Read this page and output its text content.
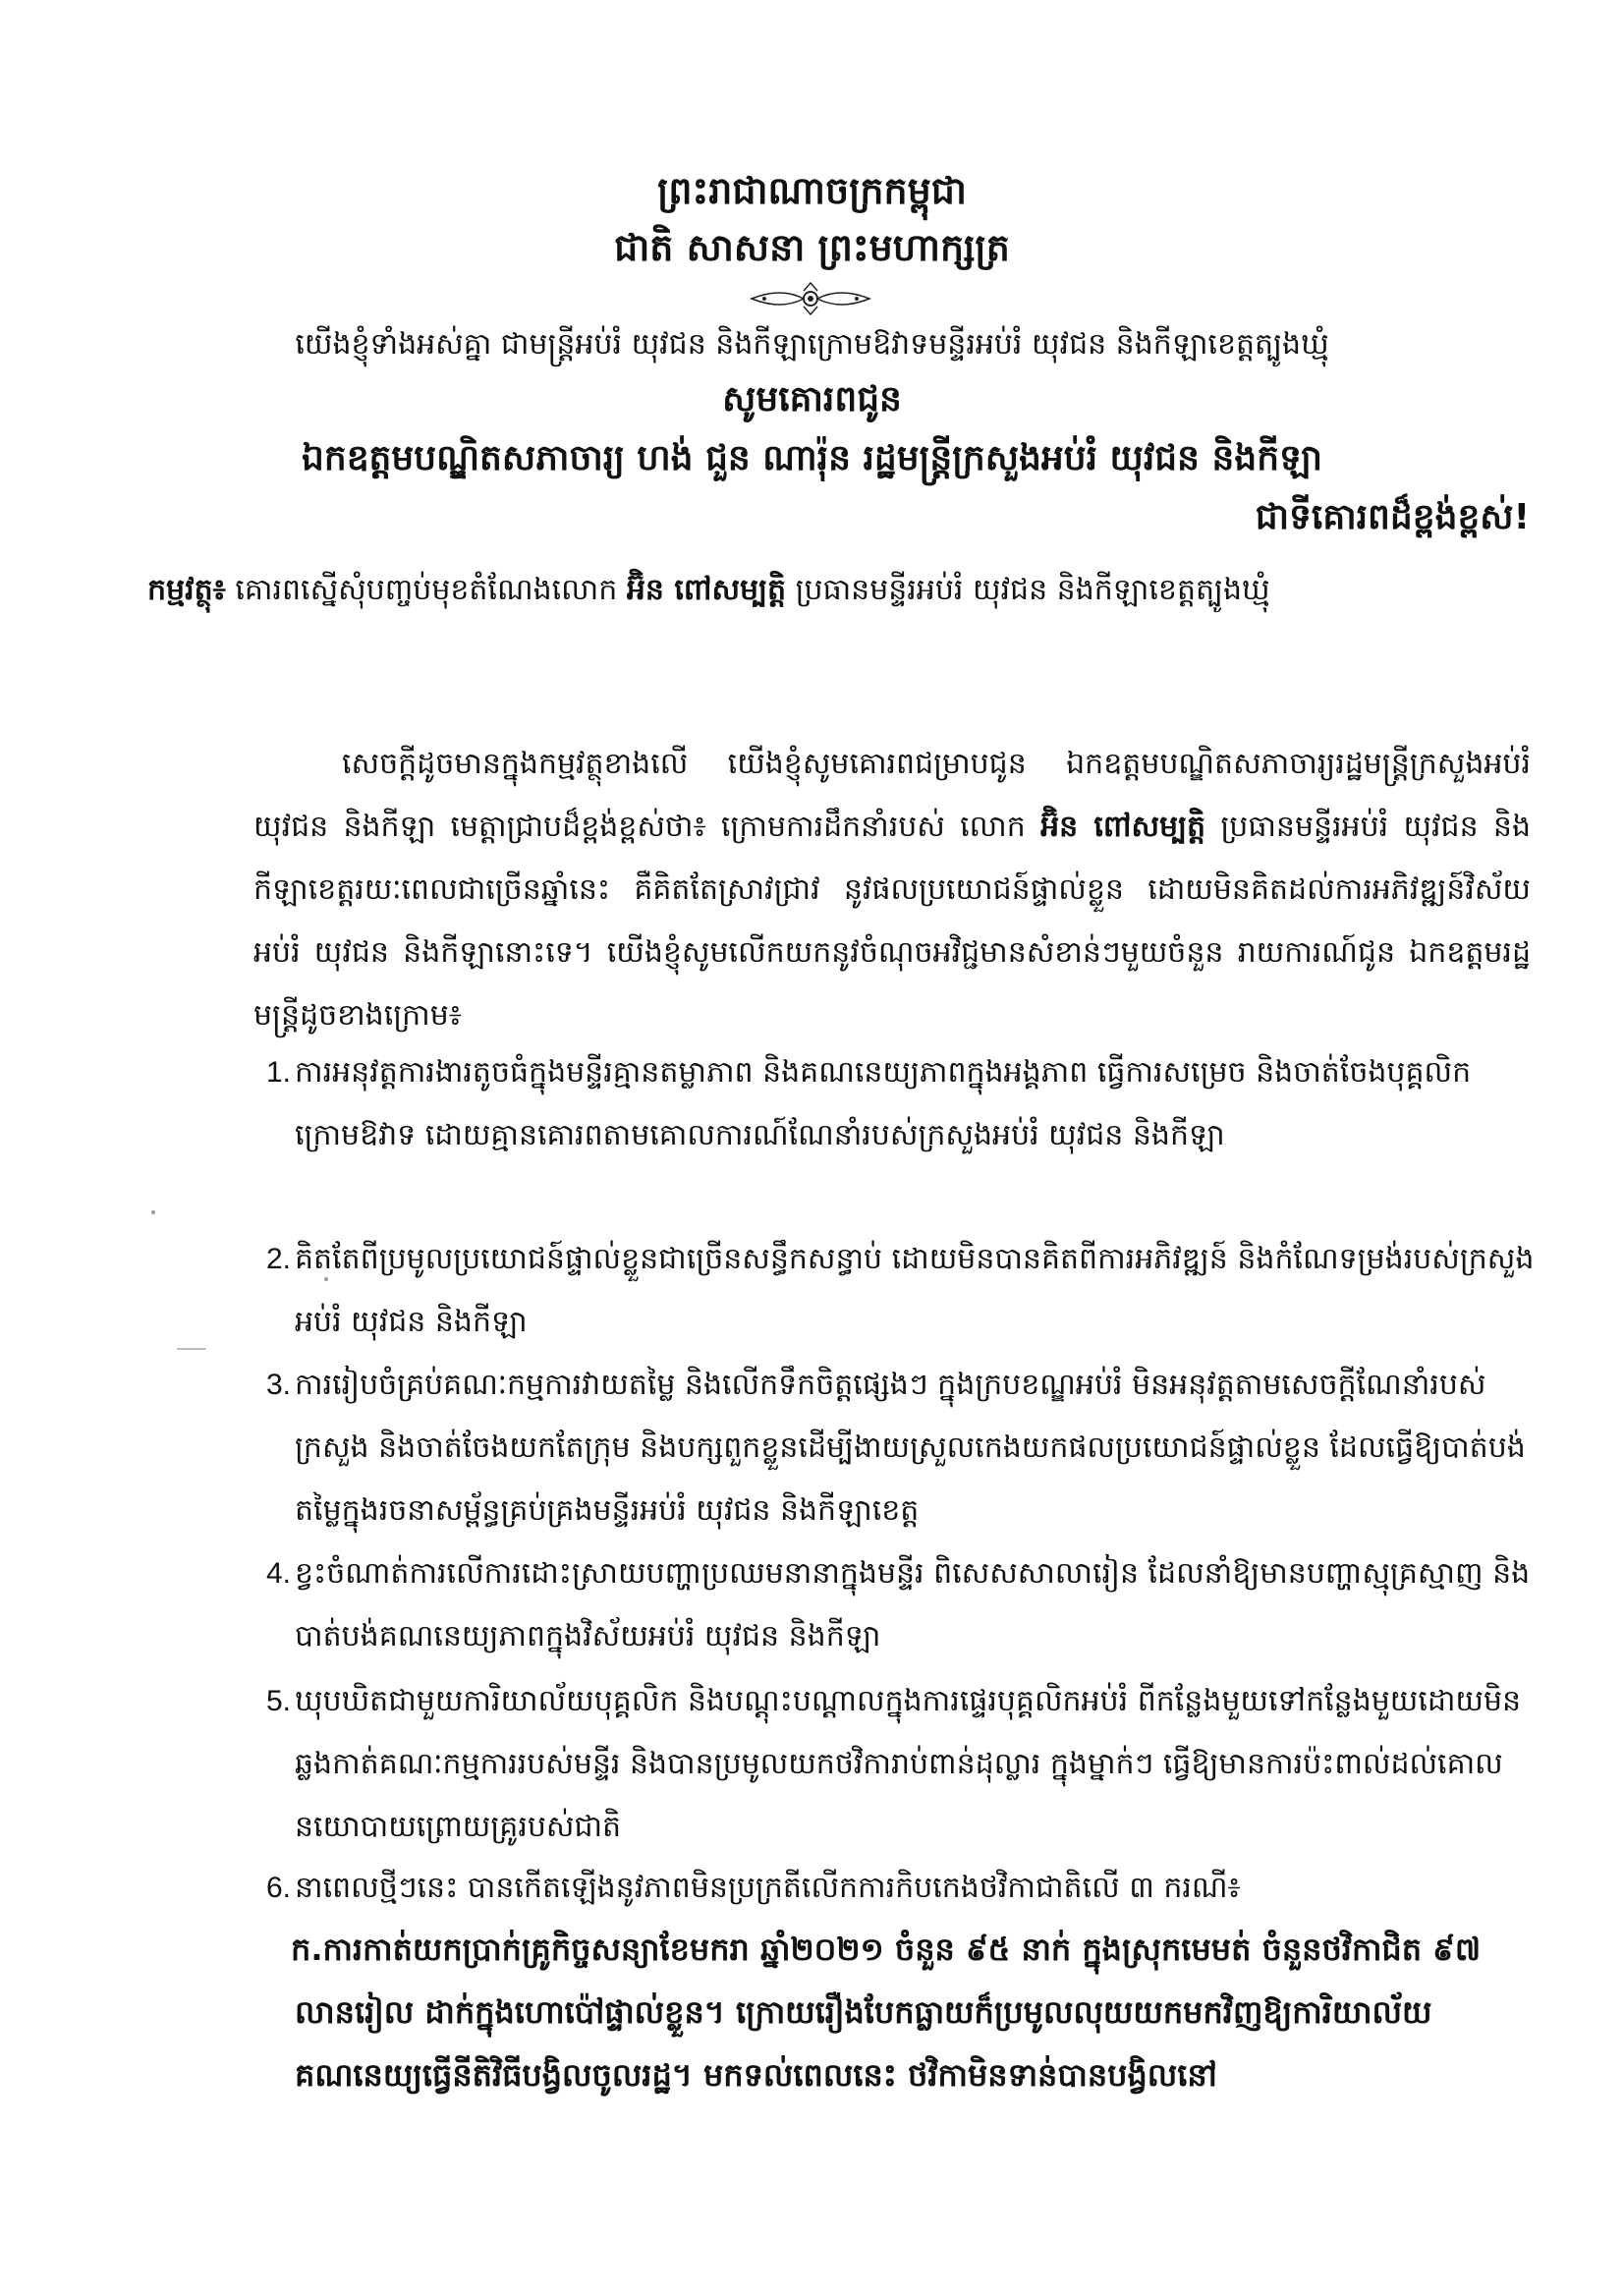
ព្រះរាជាណាចក្រកម្ពុជា
ជាតិ សាសនា ព្រះមហាក្សត្រ
យើងខ្ញុំទាំងអស់គ្នា ជាមន្ត្រីអប់រំ យុវជន និងកីឡាក្រោមឱវាទមន្ទីរអប់រំ យុវជន និងកីឡាខេត្តត្បូងឃ្មុំ
សូមគោរពជូន
ឯកឧត្តមបណ្ឌិតសភាចារ្យ ហង់ ជួន ណារ៉ុន រដ្ឋមន្ត្រីក្រសួងអប់រំ យុវជន និងកីឡា
ជាទីគោរពដ៏ខ្ពង់ខ្ពស់!
កម្មវត្ថុ៖ គោរពស្នើសុំបញ្ចប់មុខតំណែងលោក អ៊ិន ពៅសម្បត្តិ ប្រធានមន្ទីរអប់រំ យុវជន និងកីឡាខេត្តត្បូងឃ្មុំ
សេចក្ដីដូចមានក្នុងកម្មវត្ថុខាងលើ យើងខ្ញុំសូមគោរពជម្រាបជូន ឯកឧត្ដមបណ្ឌិតសភាចារ្យរដ្ឋមន្ត្រីក្រសួងអប់រំ យុវជន និងកីឡា មេត្តាជ្រាបដ៏ខ្ពង់ខ្ពស់ថា៖ ក្រោមការដឹកនាំរបស់ លោក អ៊ិន ពៅសម្បត្តិ ប្រធានមន្ទីរអប់រំ យុវជន និងកីឡាខេត្តរយៈពេលជាច្រើនឆ្នាំនេះ គឺគិតតែស្រាវជ្រាវ នូវផលប្រយោជន៍ផ្ទាល់ខ្លួន ដោយមិនគិតដល់ការអភិវឌ្ឍន៍វិស័យអប់រំ យុវជន និងកីឡានោះទេ។ យើងខ្ញុំសូមលើកយកនូវចំណុចអវិជ្ជមានសំខាន់ៗមួយចំនួន រាយការណ៍ជូន ឯកឧត្តមរដ្ឋមន្ត្រីដូចខាងក្រោម៖
1. ការអនុវត្តការងារតូចធំក្នុងមន្ទីរគ្មានតម្លាភាព និងគណនេយ្យភាពក្នុងអង្គភាព ធ្វើការសម្រេច និងចាត់ចែងបុគ្គលិកក្រោមឱវាទ ដោយគ្មានគោរពតាមគោលការណ៍ណែនាំរបស់ក្រសួងអប់រំ យុវជន និងកីឡា
2. គិតតែពីប្រមូលប្រយោជន៍ផ្ទាល់ខ្លួនជាច្រើនសន្ធឹកសន្ធាប់ ដោយមិនបានគិតពីការអភិវឌ្ឍន៍ និងកំណែទម្រង់របស់ក្រសួងអប់រំ យុវជន និងកីឡា
3. ការរៀបចំគ្រប់គណៈកម្មការវាយតម្លៃ និងលើកទឹកចិត្តផ្សេងៗ ក្នុងក្របខណ្ឌអប់រំ មិនអនុវត្តតាមសេចក្ដីណែនាំរបស់ក្រសួង និងចាត់ចែងយកតែក្រុម និងបក្សពួកខ្លួនដើម្បីងាយស្រួលកេងយកផលប្រយោជន៍ផ្ទាល់ខ្លួន ដែលធ្វើឱ្យបាត់បង់តម្លៃក្នុងរចនាសម្ព័ន្ធគ្រប់គ្រងមន្ទីរអប់រំ យុវជន និងកីឡាខេត្ត
4. ខ្វះចំណាត់ការលើការដោះស្រាយបញ្ហាប្រឈមនានាក្នុងមន្ទីរ ពិសេសសាលារៀន ដែលនាំឱ្យមានបញ្ហាស្មុគ្រស្មាញ និងបាត់បង់គណនេយ្យភាពក្នុងវិស័យអប់រំ យុវជន និងកីឡា
5. ឃុបឃិតជាមួយការិយាល័យបុគ្គលិក និងបណ្ដុះបណ្ដាលក្នុងការផ្ទេរបុគ្គលិកអប់រំ ពីកន្លែងមួយទៅកន្លែងមួយដោយមិនឆ្លងកាត់គណៈកម្មការរបស់មន្ទីរ និងបានប្រមូលយកថវិការាប់ពាន់ដុល្លារ ក្នុងម្នាក់ៗ ធ្វើឱ្យមានការប៉ះពាល់ដល់គោលនយោបាយព្រោយគ្រូរបស់ជាតិ
6. នាពេលថ្មីៗនេះ បានកើតឡើងនូវភាពមិនប្រក្រតីលើកការកិបកេងថវិកាជាតិលើ ៣ ករណី៖
ក.ការកាត់យកប្រាក់គ្រូកិច្ចសន្យាខែមករា ឆ្នាំ២០២១ ចំនួន ៩៥ នាក់ ក្នុងស្រុកមេមត់ ចំនួនថវិកាជិត ៩៧ លានរៀល ដាក់ក្នុងហោប៉ៅផ្ទាល់ខ្លួន។ ក្រោយរឿងបែកធ្លាយក៏ប្រមូលលុយយកមកវិញឱ្យការិយាល័យគណនេយ្យធ្វើនីតិវិធីបង្វិលចូលរដ្ឋ។ មកទល់ពេលនេះ ថវិកាមិនទាន់បានបង្វិលនៅ
